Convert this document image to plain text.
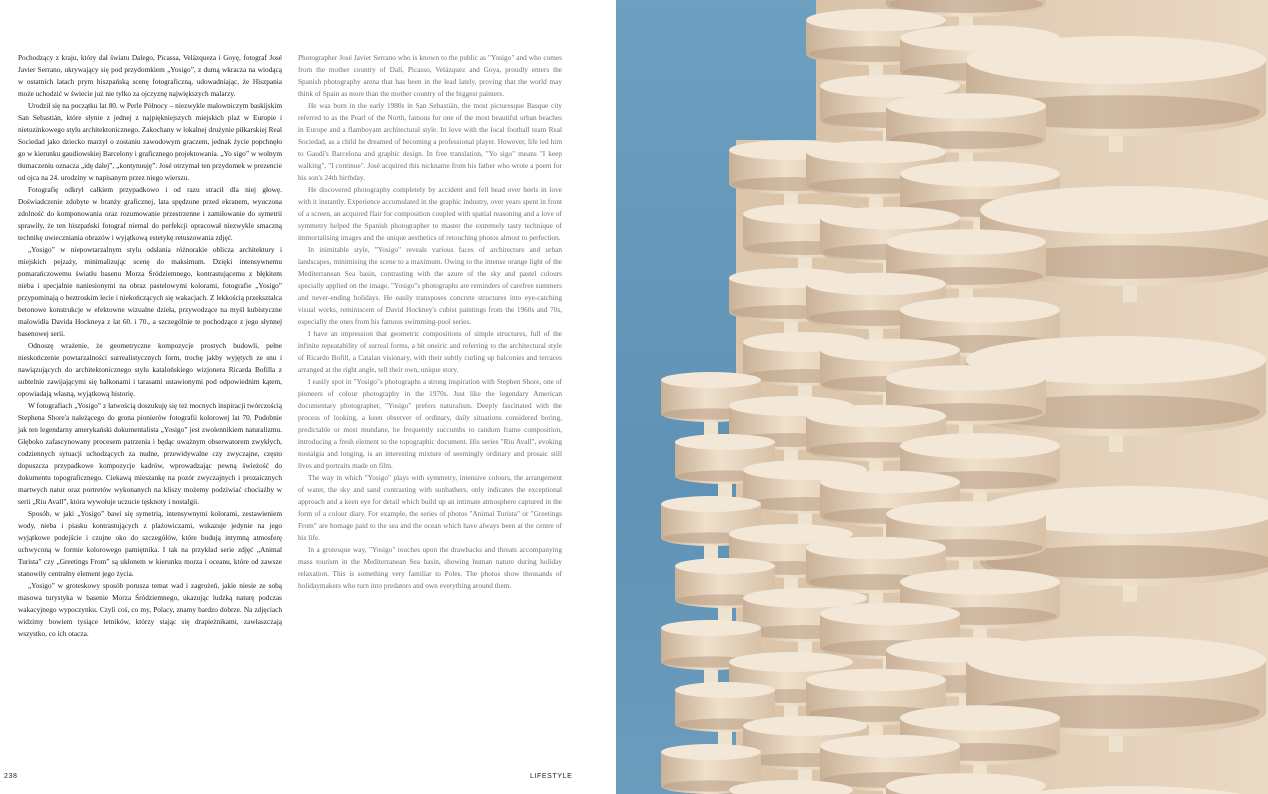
Pochodzący z kraju, który dał światu Dalego, Picassa, Velázqueza i Goyę, fotograf José Javier Serrano, ukrywający się pod przydomkiem „Yosigo”, z dumą wkracza na wiodącą w ostatnich latach prym hiszpańską scenę fotograficzną, udowadniając, że Hiszpania może uchodzić w świecie już nie tylko za ojczyznę największych malarzy.

Urodził się na początku lat 80. w Perle Północy – niezwykle malowniczym baskijskim San Sebastián, które słynie z jednej z najpiękniejszych miejskich plaż w Europie i nietuzinkowego stylu architektonicznego. Zakochany w lokalnej drużynie piłkarskiej Real Sociedad jako dziecko marzył o zostaniu zawodowym graczem, jednak życie popchnęło go w kierunku gaudiowskiej Barcelony i graficznego projektowania. „Yo sigo” w wolnym tłumaczeniu oznacza „idę dalej”, „kontynuuję”. José otrzymał ten przydomek w prezencie od ojca na 24. urodziny w napisanym przez niego wierszu.

Fotografię odkrył całkiem przypadkowo i od razu stracił dla niej głowę. Doświadczenie zdobyte w branży graficznej, lata spędzone przed ekranem, wyuczona zdolność do komponowania oraz rozumowanie przestrzenne i zamiłowanie do symetrii sprawiły, że ten hiszpański fotograf niemal do perfekcji opracował niezwykle smaczną technikę uwieczniania obrazów i wyjątkową estetykę retuszowania zdjęć.

„Yosigo” w niepowtarzalnym stylu odsłania różnorakie oblicza architektury i miejskich pejzaży, minimalizując scenę do maksimum. Dzięki intensywnemu pomarańczowemu światłu basenu Morza Śródziemnego, kontrastującemu z błękitem nieba i specjalnie naniesionymi na obraz pastelowymi kolorami, fotografie „Yosigo” przypominają o beztroskim lecie i niekończących się wakacjach. Z lekkością przekształca betonowe konstrukcje w efektowne wizualne dzieła, przywodzące na myśl kubistyczne malowidła Davida Hockneya z lat 60. i 70., a szczególnie te pochodzące z jego słynnej basenowej serii.

Odnoszę wrażenie, że geometryczne kompozycje prostych budowli, pełne nieskończenie powtarzalności surrealistycznych form, trochę jakby wyjętych ze snu i nawiązujących do architektonicznego stylu katalońskiego wizjonera Ricarda Bofilla z subtelnie zawijającymi się balkonami i tarasami ustawionymi pod odpowiednim kątem, opowiadają własną, wyjątkową historię.

W fotografiach „Yosigo” z łatwością doszukuję się też mocnych inspiracji twórczością Stephena Shore'a należącego do grona pionierów fotografii kolorowej lat 70. Podobnie jak ten legendarny amerykański dokumentalista „Yosigo” jest zwolennikiem naturalizmu. Głęboko zafascynowany procesem patrzenia i będąc uważnym obserwatorem zwykłych, codziennych sytuacji uchodzących za nudne, przewidywalne czy zwyczajne, często dopuszcza przypadkowe kompozycje kadrów, wprowadzając pewną świeżość do dokumentu topograficznego. Ciekawą mieszankę na pozór zwyczajnych i prozaicznych martwych natur oraz portretów wykonanych na kliszy możemy podziwiać chociażby w serii „Riu Avall”, która wywołuje uczucie tęsknoty i nostalgii.

Sposób, w jaki „Yosigo” bawi się symetrią, intensywnymi kolorami, zestawieniem wody, nieba i piasku kontrastujących z plażowiczami, wskazuje jedynie na jego wyjątkowe podejście i czujne oko do szczegółów, które budują intymną atmosferę uchwyconą w formie kolorowego pamiętnika. I tak na przykład serie zdjęć „Animal Turista” czy „Greetings From” są ukłonem w kierunku morza i oceanu, które od zawsze stanowiły centralny element jego życia.

„Yosigo” w groteskowy sposób porusza temat wad i zagrożeń, jakie niesie ze sobą masowa turystyka w basenie Morza Śródziemnego, ukazując ludzką naturę podczas wakacyjnego wypoczynku. Czyli coś, co my, Polacy, znamy bardzo dobrze. Na zdjęciach widzimy bowiem tysiące letników, którzy stając się drapieżnikami, zawłaszczają wszystko, co ich otacza.

Photographer José Javier Serrano who is known to the public as "Yosigo" and who comes from the mother country of Dalí, Picasso, Velázquez and Goya, proudly enters the Spanish photography arena that has been in the lead lately, proving that the world may think of Spain as more than the mother country of the biggest painters.

He was born in the early 1980s in San Sebastián, the most picturesque Basque city referred to as the Pearl of the North, famous for one of the most beautiful urban beaches in Europe and a flamboyant architectural style. In love with the local football team Real Sociedad, as a child he dreamed of becoming a professional player. However, life led him to Gaudí's Barcelona and graphic design. In free translation, "Yo sigo" means "I keep walking", "I continue". José acquired this nickname from his father who wrote a poem for his son's 24th birthday.

He discovered photography completely by accident and fell head over heels in love with it instantly. Experience accumulated in the graphic industry, over years spent in front of a screen, an acquired flair for composition coupled with spatial reasoning and a love of symmetry helped the Spanish photographer to master the extremely tasty technique of immortalising images and the unique aesthetics of retouching photos almost to perfection.

In inimitable style, "Yosigo" reveals various faces of architecture and urban landscapes, minimising the scene to a maximum. Owing to the intense orange light of the Mediterranean Sea basin, contrasting with the azure of the sky and pastel colours specially applied on the image, "Yosigo"s photographs are reminders of carefree summers and never-ending holidays. He easily transposes concrete structures into eye-catching visual works, reminiscent of David Hockney's cubist paintings from the 1960s and 70s, especially the ones from his famous swimming-pool series.

I have an impression that geometric compositions of simple structures, full of the infinite repeatability of surreal forms, a bit oneiric and referring to the architectural style of Ricardo Bofill, a Catalan visionary, with their subtly curling up balconies and terraces arranged at the right angle, tell their own, unique story.

I easily spot in "Yosigo"s photographs a strong inspiration with Stephen Shore, one of pioneers of colour photography in the 1970s. Just like the legendary American documentary photographer, "Yosigo" prefers naturalism. Deeply fascinated with the process of looking, a keen observer of ordinary, daily situations considered boring, predictable or most mundane, he frequently succumbs to random frame composition, introducing a fresh element to the topographic document. His series "Riu Avall", evoking nostalgia and longing, is an interesting mixture of seemingly ordinary and prosaic still lives and portraits made on film.

The way in which "Yosigo" plays with symmetry, intensive colours, the arrangement of water, the sky and sand contrasting with sunbathers, only indicates the exceptional approach and a keen eye for detail which build up an intimate atmosphere captured in the form of a colour diary. For example, the series of photos "Animal Turista" or "Greetings From" are homage paid to the sea and the ocean which have always been at the centre of his life.

In a grotesque way, "Yosigo" touches upon the drawbacks and threats accompanying mass tourism in the Mediterranean Sea basin, showing human nature during holiday relaxation. This is something very familiar to Poles. The photos show thousands of holidaymakers who turn into predators and own everything around them.

238	LIFESTYLE
